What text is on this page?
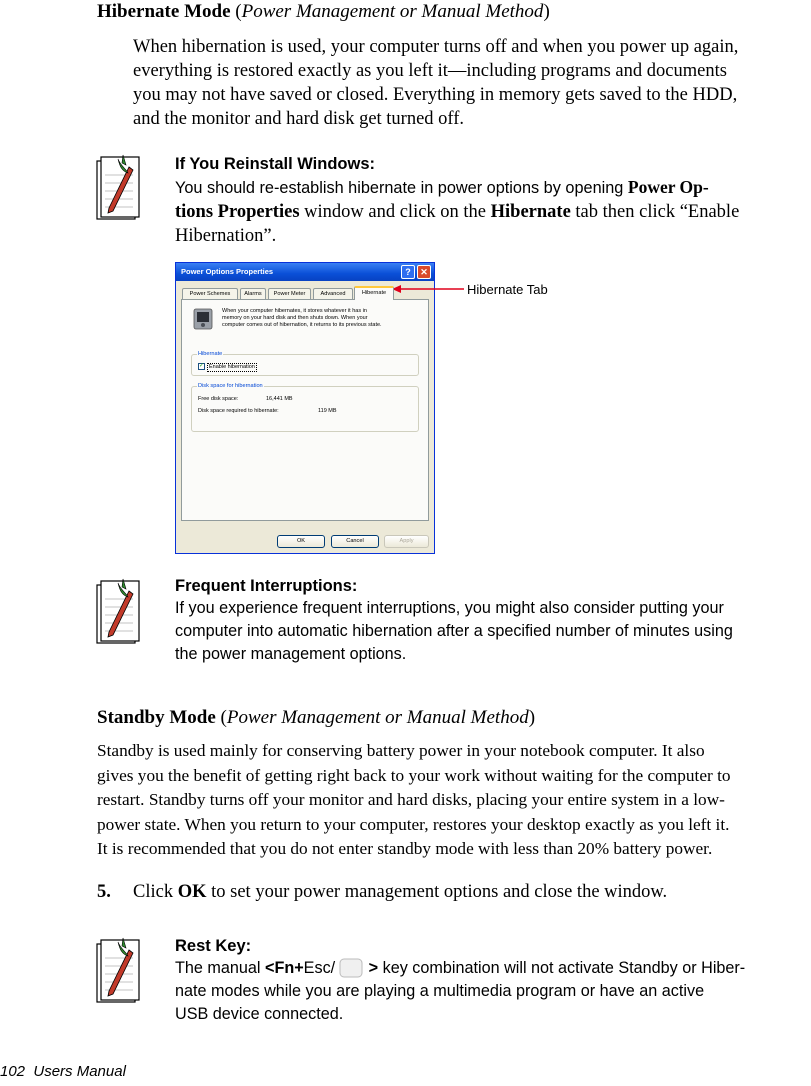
Hibernate Mode (Power Management or Manual Method)

When hibernation is used, your computer turns off and when you power up again,

everything is restored exactly as you left it—including programs and documents

you may not have saved or closed. Everything in memory gets saved to the HDD,

and the monitor and hard disk get turned off.

If You Reinstall Windows:
You should re-establish hibernate in power options by opening Power Op-
tions Properties window and click on the Hibernate tab then click “Enable
Hibernation”.
Power Options Properties	?	✕
Power Schemes	Alarms	Power Meter	Advanced	Hibernate
When your computer hibernates, it stores whatever it has in
memory on your hard disk and then shuts down. When your
computer comes out of hibernation, it returns to its previous state.
Hibernate
✓ Enable hibernation
Disk space for hibernation
Free disk space:	16,441 MB
Disk space required to hibernate:	119 MB
OK	Cancel	Apply
Hibernate Tab
Frequent Interruptions:
If you experience frequent interruptions, you might also consider putting your
computer into automatic hibernation after a specified number of minutes using
the power management options.
Standby Mode (Power Management or Manual Method)

Standby is used mainly for conserving battery power in your notebook computer. It also

gives you the benefit of getting right back to your work without waiting for the computer to

restart. Standby turns off your monitor and hard disks, placing your entire system in a low-

power state. When you return to your computer, restores your desktop exactly as you left it.

It is recommended that you do not enter standby mode with less than 20% battery power.

5. Click OK to set your power management options and close the window.
Rest Key:
The manual <Fn+Esc/ > key combination will not activate Standby or Hiber-
nate modes while you are playing a multimedia program or have an active
USB device connected.
102  Users Manual
